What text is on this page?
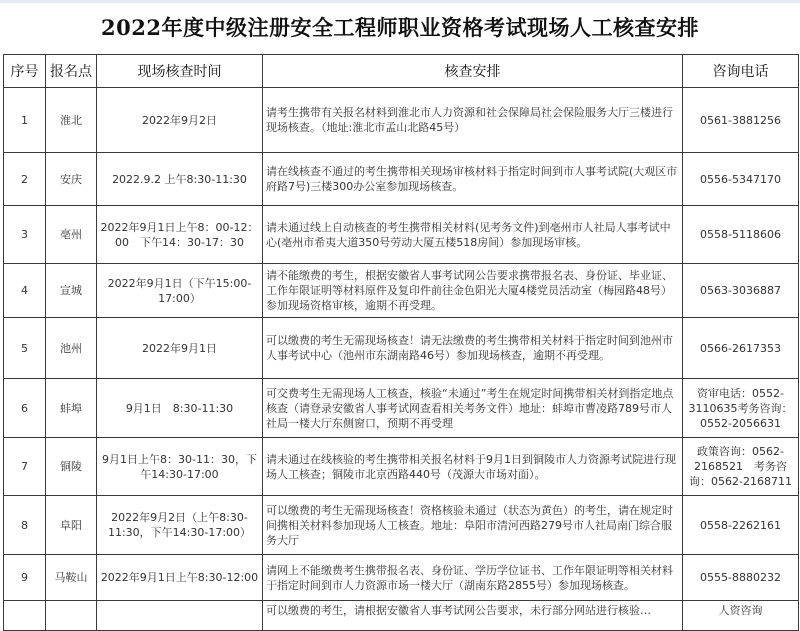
2022年度中级注册安全工程师职业资格考试现场人工核查安排
序号	报名点	现场核查时间	核查安排	咨询电话
1	淮北	2022年9月2日	请考生携带有关报名材料到淮北市人力资源和社会保障局社会保险服务大厅三楼进行现场核查。（地址:淮北市孟山北路45号）	0561-3881256
2	安庆	2022.9.2 上午8:30-11:30	请在线核查不通过的考生携带相关现场审核材料于指定时间到市人事考试院(大观区市府路7号)三楼300办公室参加现场核查。	0556-5347170
3	亳州	2022年9月1日上午8：00-12：00　下午14：30-17：30	请未通过线上自动核查的考生携带相关材料(见考务文件)到亳州市人社局人事考试中心(亳州市希夷大道350号劳动大厦五楼518房间）参加现场审核。	0558-5118606
4	宣城	2022年9月1日（下午15:00-17:00）	请不能缴费的考生，根据安徽省人事考试网公告要求携带报名表、身份证、毕业证、工作年限证明等材料原件及复印件前往金色阳光大厦4楼党员活动室（梅园路48号）参加现场资格审核，逾期不再受理。	0563-3036887
5	池州	2022年9月1日	可以缴费的考生无需现场核查！请无法缴费的考生携带相关材料于指定时间到池州市人事考试中心（池州市东湖南路46号）参加现场核查，逾期不再受理。	0566-2617353
6	蚌埠	9月1日　8:30-11:30	可交费考生无需现场人工核查，核验“未通过”考生在规定时间携带相关材到指定地点核查（请登录安徽省人事考试网查看相关考务文件）地址：蚌埠市曹凌路789号市人社局一楼大厅东侧窗口，预期不再受理	资审电话：0552-3110635考务咨询：0552-2056631
7	铜陵	9月1日上午8：30-11：30，下午14:30-17:00	请未通过在线核验的考生携带相关报名材料于9月1日到铜陵市人力资源考试院进行现场人工核查；铜陵市北京西路440号（茂源大市场对面）。	政策咨询：0562-2168521　考务咨询：0562-2168711
8	阜阳	2022年9月2日（上午8:30-11:30，下午14:30-17:00）	可以缴费的考生无需现场核查！资格核验未通过（状态为黄色）的考生，请在规定时间携相关材料参加现场人工核查。地址：阜阳市清河西路279号市人社局南门综合服务大厅	0558-2262161
9	马鞍山	2022年9月1日上午8:30-12:00	请网上不能缴费考生携带报名表、身份证、学历学位证书、工作年限证明等相关材料于指定时间到市人力资源市场一楼大厅（湖南东路2855号）参加现场核查。	0555-8880232
			可以缴费的考生，请根据安徽省人事考试网公告要求，未行部分网站进行核验…	人资咨询
